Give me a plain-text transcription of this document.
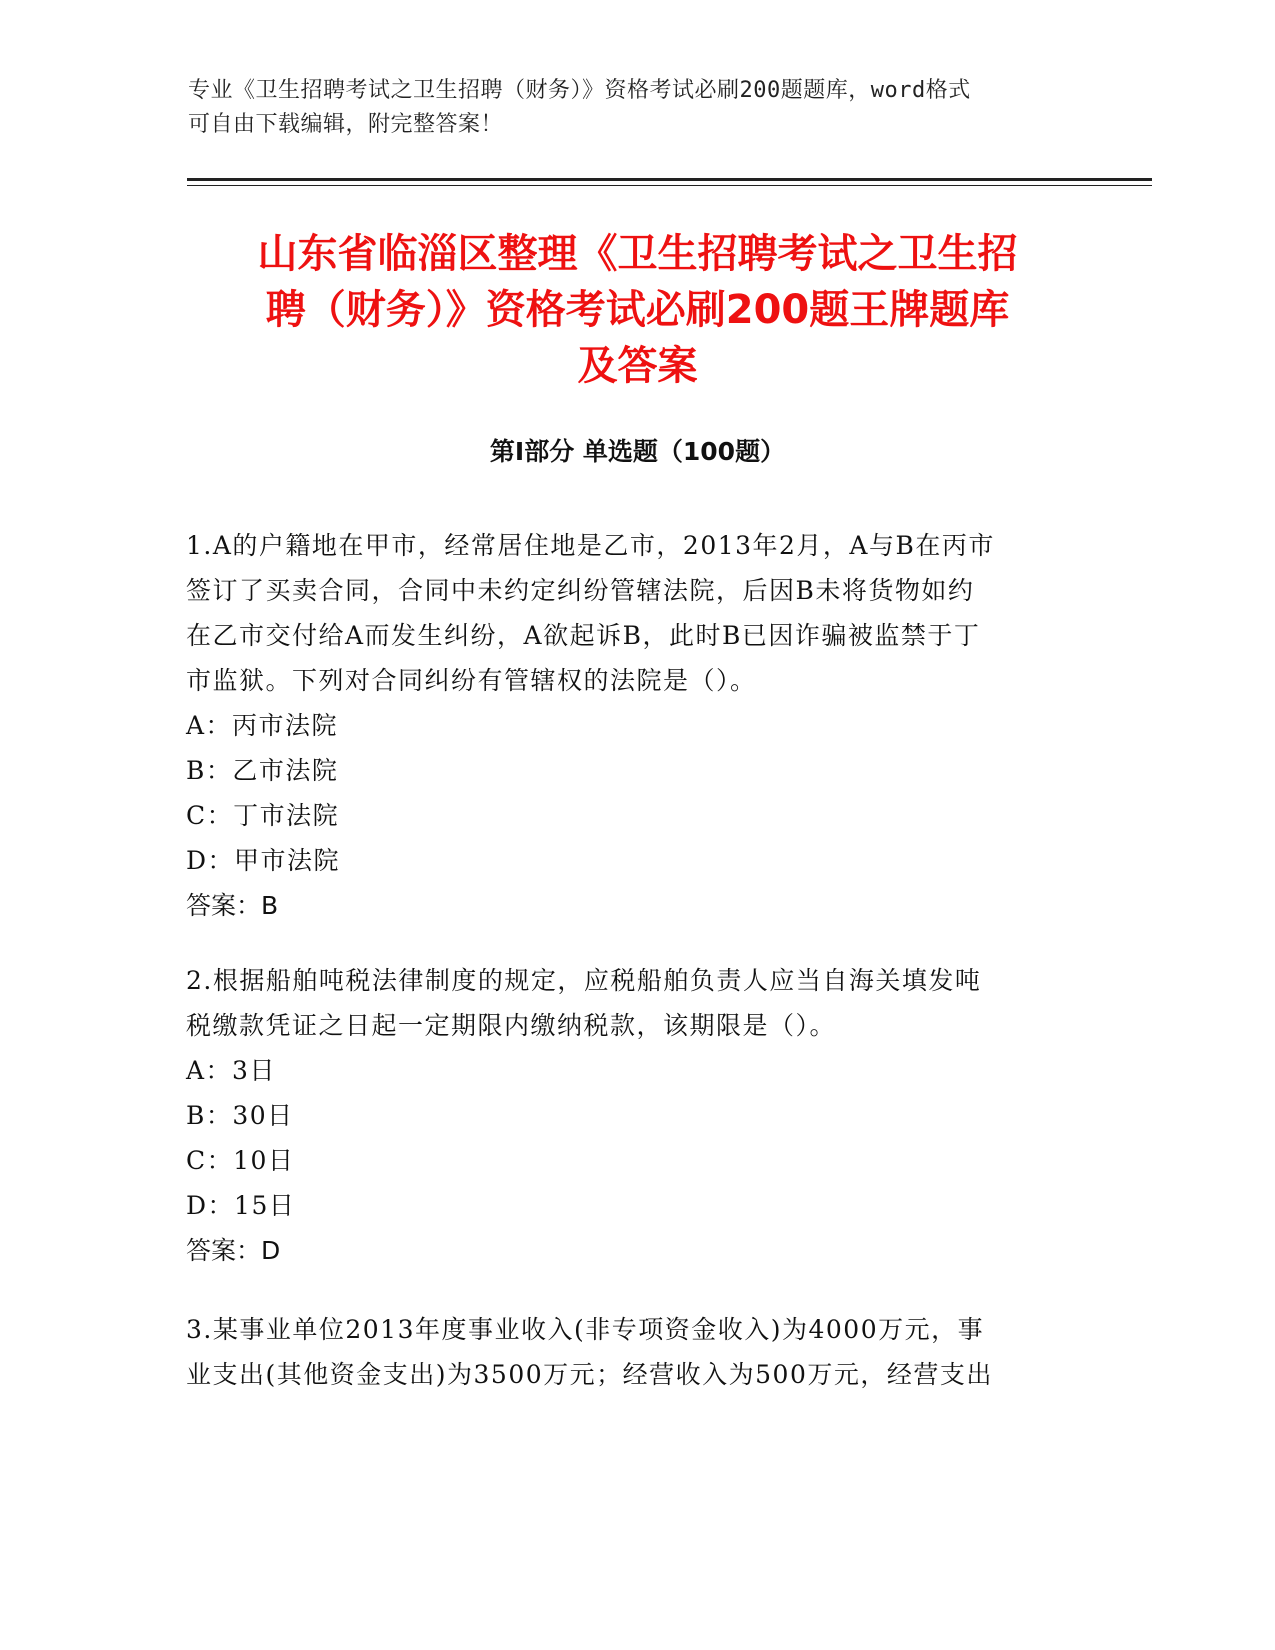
专业《卫生招聘考试之卫生招聘（财务）》资格考试必刷200题题库，word格式
可自由下载编辑，附完整答案！
山东省临淄区整理《卫生招聘考试之卫生招
聘（财务）》资格考试必刷200题王牌题库
及答案
第Ⅰ部分 单选题（100题）
1.A的户籍地在甲市，经常居住地是乙市，2013年2月，A与B在丙市
签订了买卖合同，合同中未约定纠纷管辖法院，后因B未将货物如约
在乙市交付给A而发生纠纷，A欲起诉B，此时B已因诈骗被监禁于丁
市监狱。下列对合同纠纷有管辖权的法院是（）。
A：丙市法院
B：乙市法院
C：丁市法院
D：甲市法院
答案：B
2.根据船舶吨税法律制度的规定，应税船舶负责人应当自海关填发吨
税缴款凭证之日起一定期限内缴纳税款，该期限是（）。
A：3日
B：30日
C：10日
D：15日
答案：D
3.某事业单位2013年度事业收入(非专项资金收入)为4000万元，事
业支出(其他资金支出)为3500万元；经营收入为500万元，经营支出
